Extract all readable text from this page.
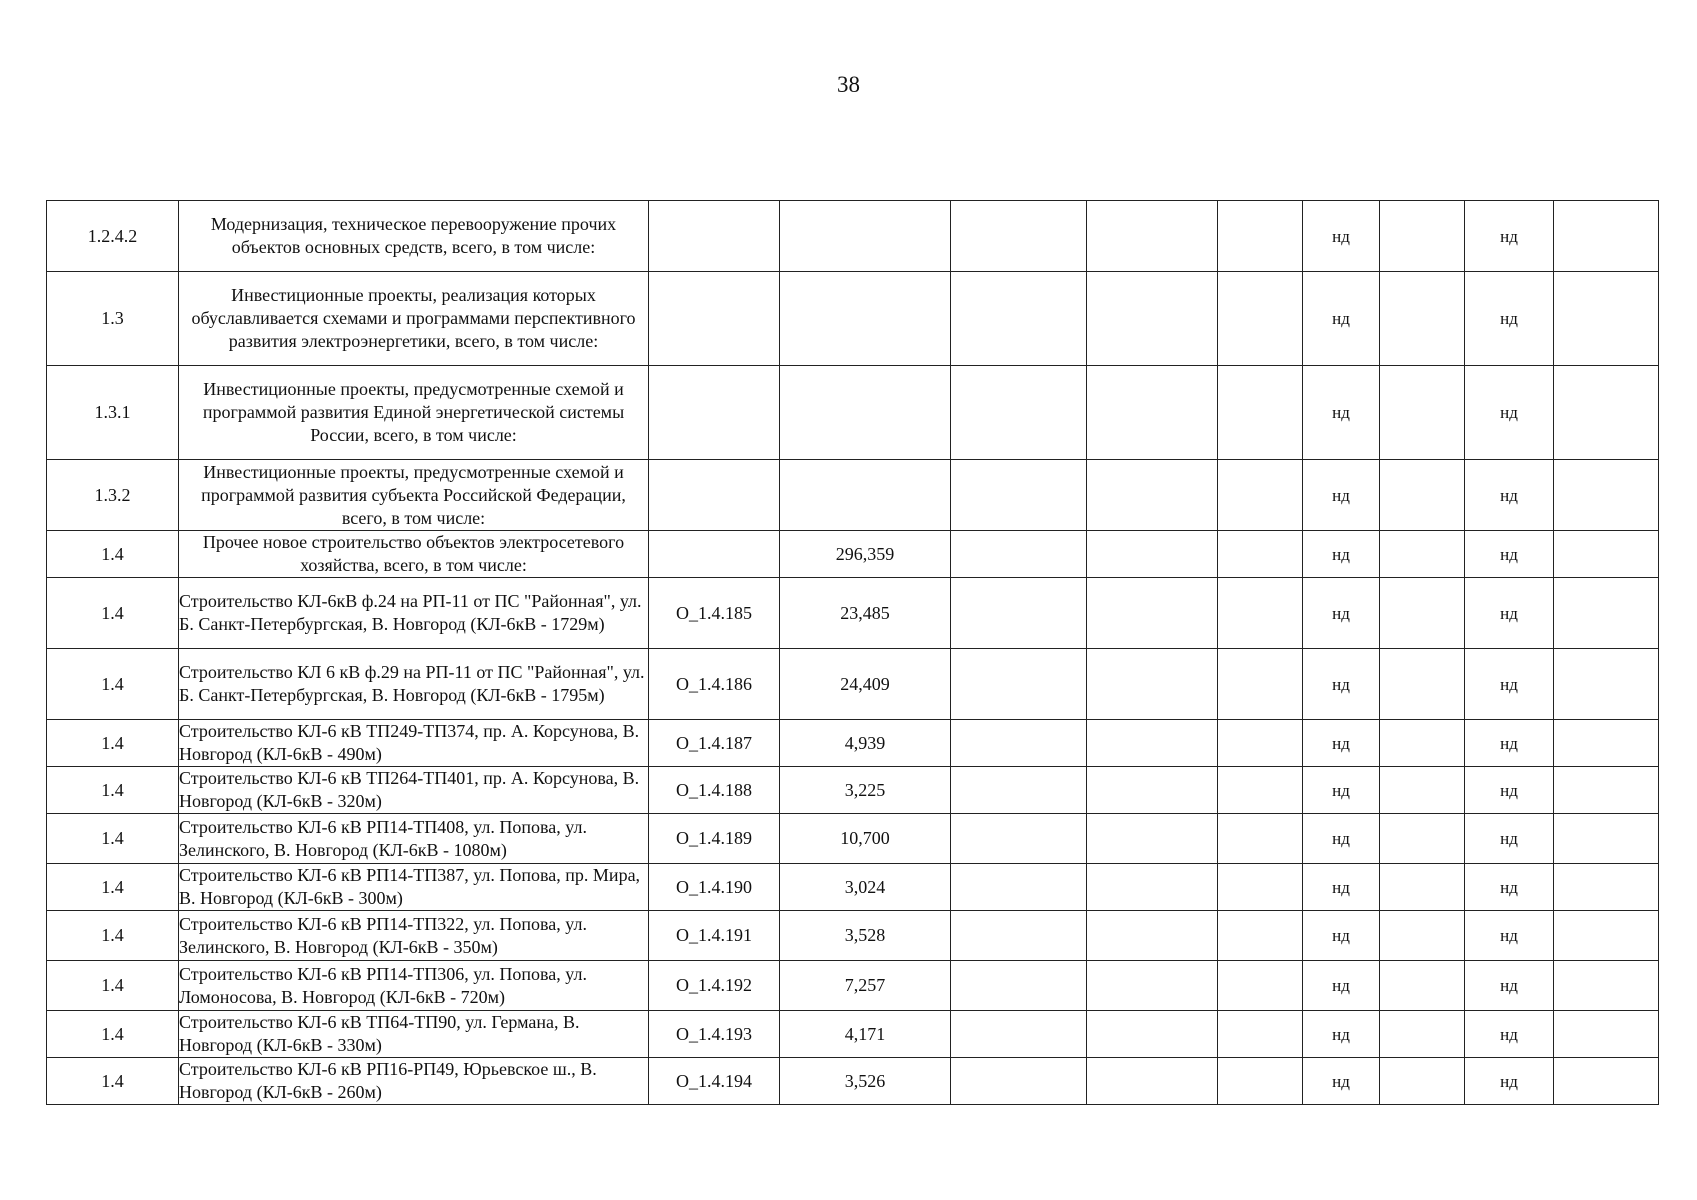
38
1.2.4.2	Модернизация, техническое перевооружение прочих объектов основных средств, всего, в том числе:						нд		нд	
1.3	Инвестиционные проекты, реализация которых обуславливается схемами и программами перспективного развития электроэнергетики, всего, в том числе:						нд		нд	
1.3.1	Инвестиционные проекты, предусмотренные схемой и программой развития Единой энергетической системы России, всего, в том числе:						нд		нд	
1.3.2	Инвестиционные проекты, предусмотренные схемой и программой развития субъекта Российской Федерации, всего, в том числе:						нд		нд	
1.4	Прочее новое строительство объектов электросетевого хозяйства, всего, в том числе:		296,359				нд		нд	
1.4	Строительство КЛ-6кВ ф.24 на РП-11 от ПС "Районная", ул. Б. Санкт-Петербургская, В. Новгород (КЛ-6кВ - 1729м)	О_1.4.185	23,485				нд		нд	
1.4	Строительство КЛ 6 кВ ф.29 на РП-11 от ПС "Районная", ул. Б. Санкт-Петербургская, В. Новгород (КЛ-6кВ - 1795м)	О_1.4.186	24,409				нд		нд	
1.4	Строительство КЛ-6 кВ ТП249-ТП374, пр. А. Корсунова, В. Новгород (КЛ-6кВ - 490м)	О_1.4.187	4,939				нд		нд	
1.4	Строительство КЛ-6 кВ ТП264-ТП401, пр. А. Корсунова, В. Новгород (КЛ-6кВ - 320м)	О_1.4.188	3,225				нд		нд	
1.4	Строительство КЛ-6 кВ РП14-ТП408, ул. Попова, ул. Зелинского, В. Новгород (КЛ-6кВ - 1080м)	О_1.4.189	10,700				нд		нд	
1.4	Строительство КЛ-6 кВ РП14-ТП387, ул. Попова, пр. Мира, В. Новгород (КЛ-6кВ - 300м)	О_1.4.190	3,024				нд		нд	
1.4	Строительство КЛ-6 кВ РП14-ТП322, ул. Попова, ул. Зелинского, В. Новгород (КЛ-6кВ - 350м)	О_1.4.191	3,528				нд		нд	
1.4	Строительство КЛ-6 кВ РП14-ТП306, ул. Попова, ул. Ломоносова, В. Новгород (КЛ-6кВ - 720м)	О_1.4.192	7,257				нд		нд	
1.4	Строительство КЛ-6 кВ ТП64-ТП90, ул. Германа, В. Новгород (КЛ-6кВ - 330м)	О_1.4.193	4,171				нд		нд	
1.4	Строительство КЛ-6 кВ РП16-РП49, Юрьевское ш., В. Новгород (КЛ-6кВ - 260м)	О_1.4.194	3,526				нд		нд	
